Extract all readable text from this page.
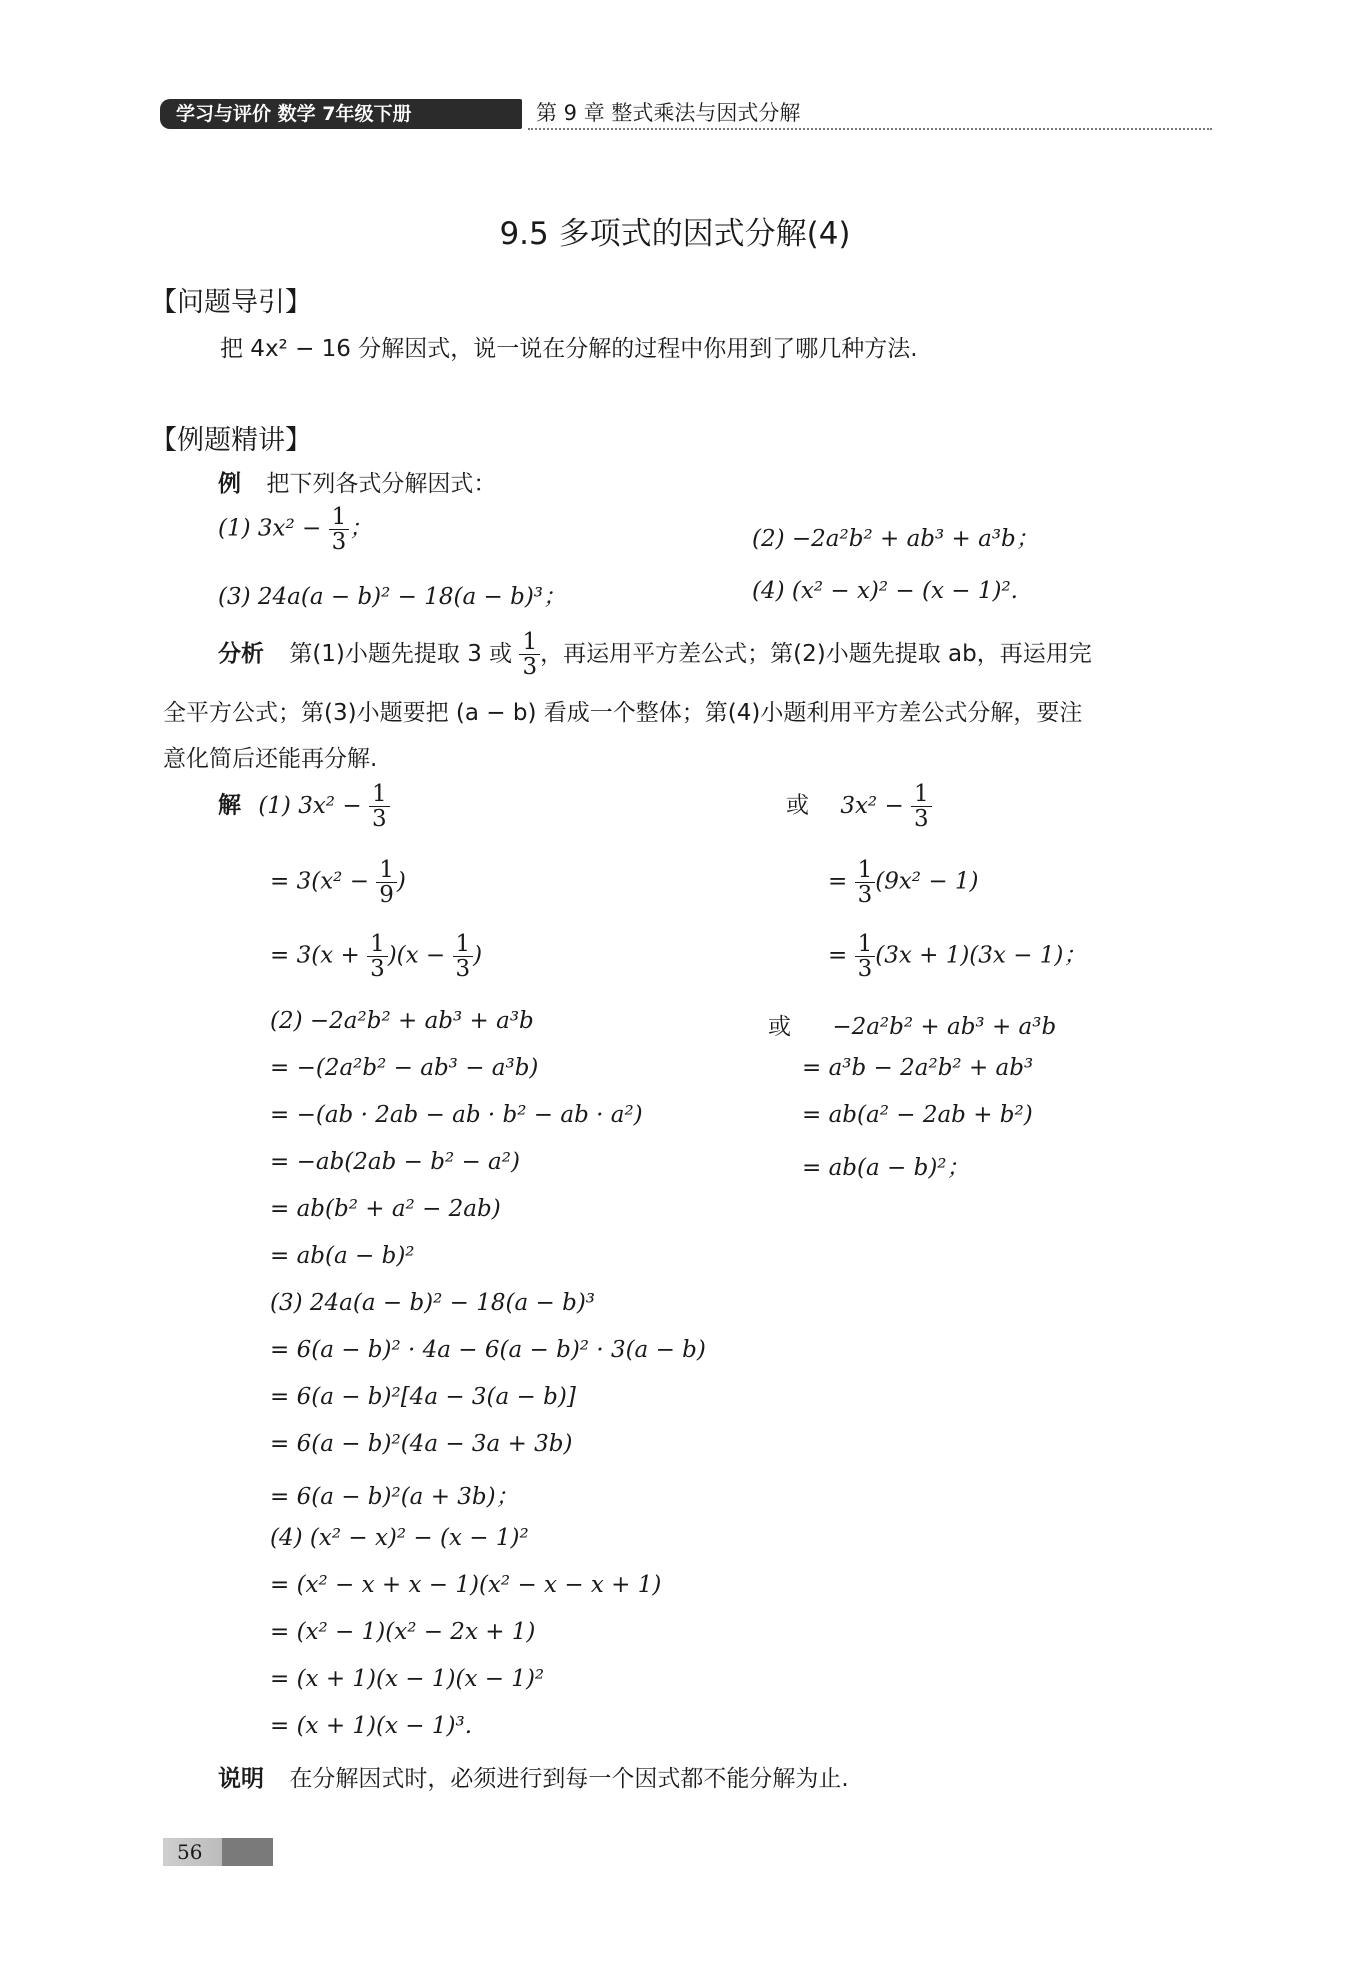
学习与评价 数学 7年级下册	第 9 章 整式乘法与因式分解
9.5 多项式的因式分解(4)
【问题导引】
把 4x² − 16 分解因式，说一说在分解的过程中你用到了哪几种方法.
【例题精讲】
例 把下列各式分解因式：
(1) $3x^2 - \frac{1}{3}$ ；	(2) −2a²b² + ab³ + a³b；
(3) 24a(a − b)² − 18(a − b)³；	(4) (x² − x)² − (x − 1)².
分析 第(1)小题先提取 3 或 $\frac{1}{3}$ ，再运用平方差公式；第(2)小题先提取 ab，再运用完
全平方公式；第(3)小题要把 (a − b) 看成一个整体；第(4)小题利用平方差公式分解，要注
意化简后还能再分解.
解 (1) $3x^2 - \frac{1}{3}$
= $3(x^2 - \frac{1}{9}$ )
= $3(x + \frac{1}{3} )(x - \frac{1}{3}$ )
或 $3x^2 - \frac{1}{3}$
= $\frac{1}{3} (9x^2 - 1)$
= $\frac{1}{3} (3x + 1)(3x - 1)$；
(2) −2a²b² + ab³ + a³b
= −(2a²b² − ab³ − a³b)
= −(ab · 2ab − ab · b² − ab · a²)
= −ab(2ab − b² − a²)
= ab(b² + a² − 2ab)
= ab(a − b)²
或 −2a²b² + ab³ + a³b
= a³b − 2a²b² + ab³
= ab(a² − 2ab + b²)
= ab(a − b)²；
(3) 24a(a − b)² − 18(a − b)³
= 6(a − b)² · 4a − 6(a − b)² · 3(a − b)
= 6(a − b)²[4a − 3(a − b)]
= 6(a − b)²(4a − 3a + 3b)
= 6(a − b)²(a + 3b)；
(4) (x² − x)² − (x − 1)²
= (x² − x + x − 1)(x² − x − x + 1)
= (x² − 1)(x² − 2x + 1)
= (x + 1)(x − 1)(x − 1)²
= (x + 1)(x − 1)³.
说明 在分解因式时，必须进行到每一个因式都不能分解为止.
56
